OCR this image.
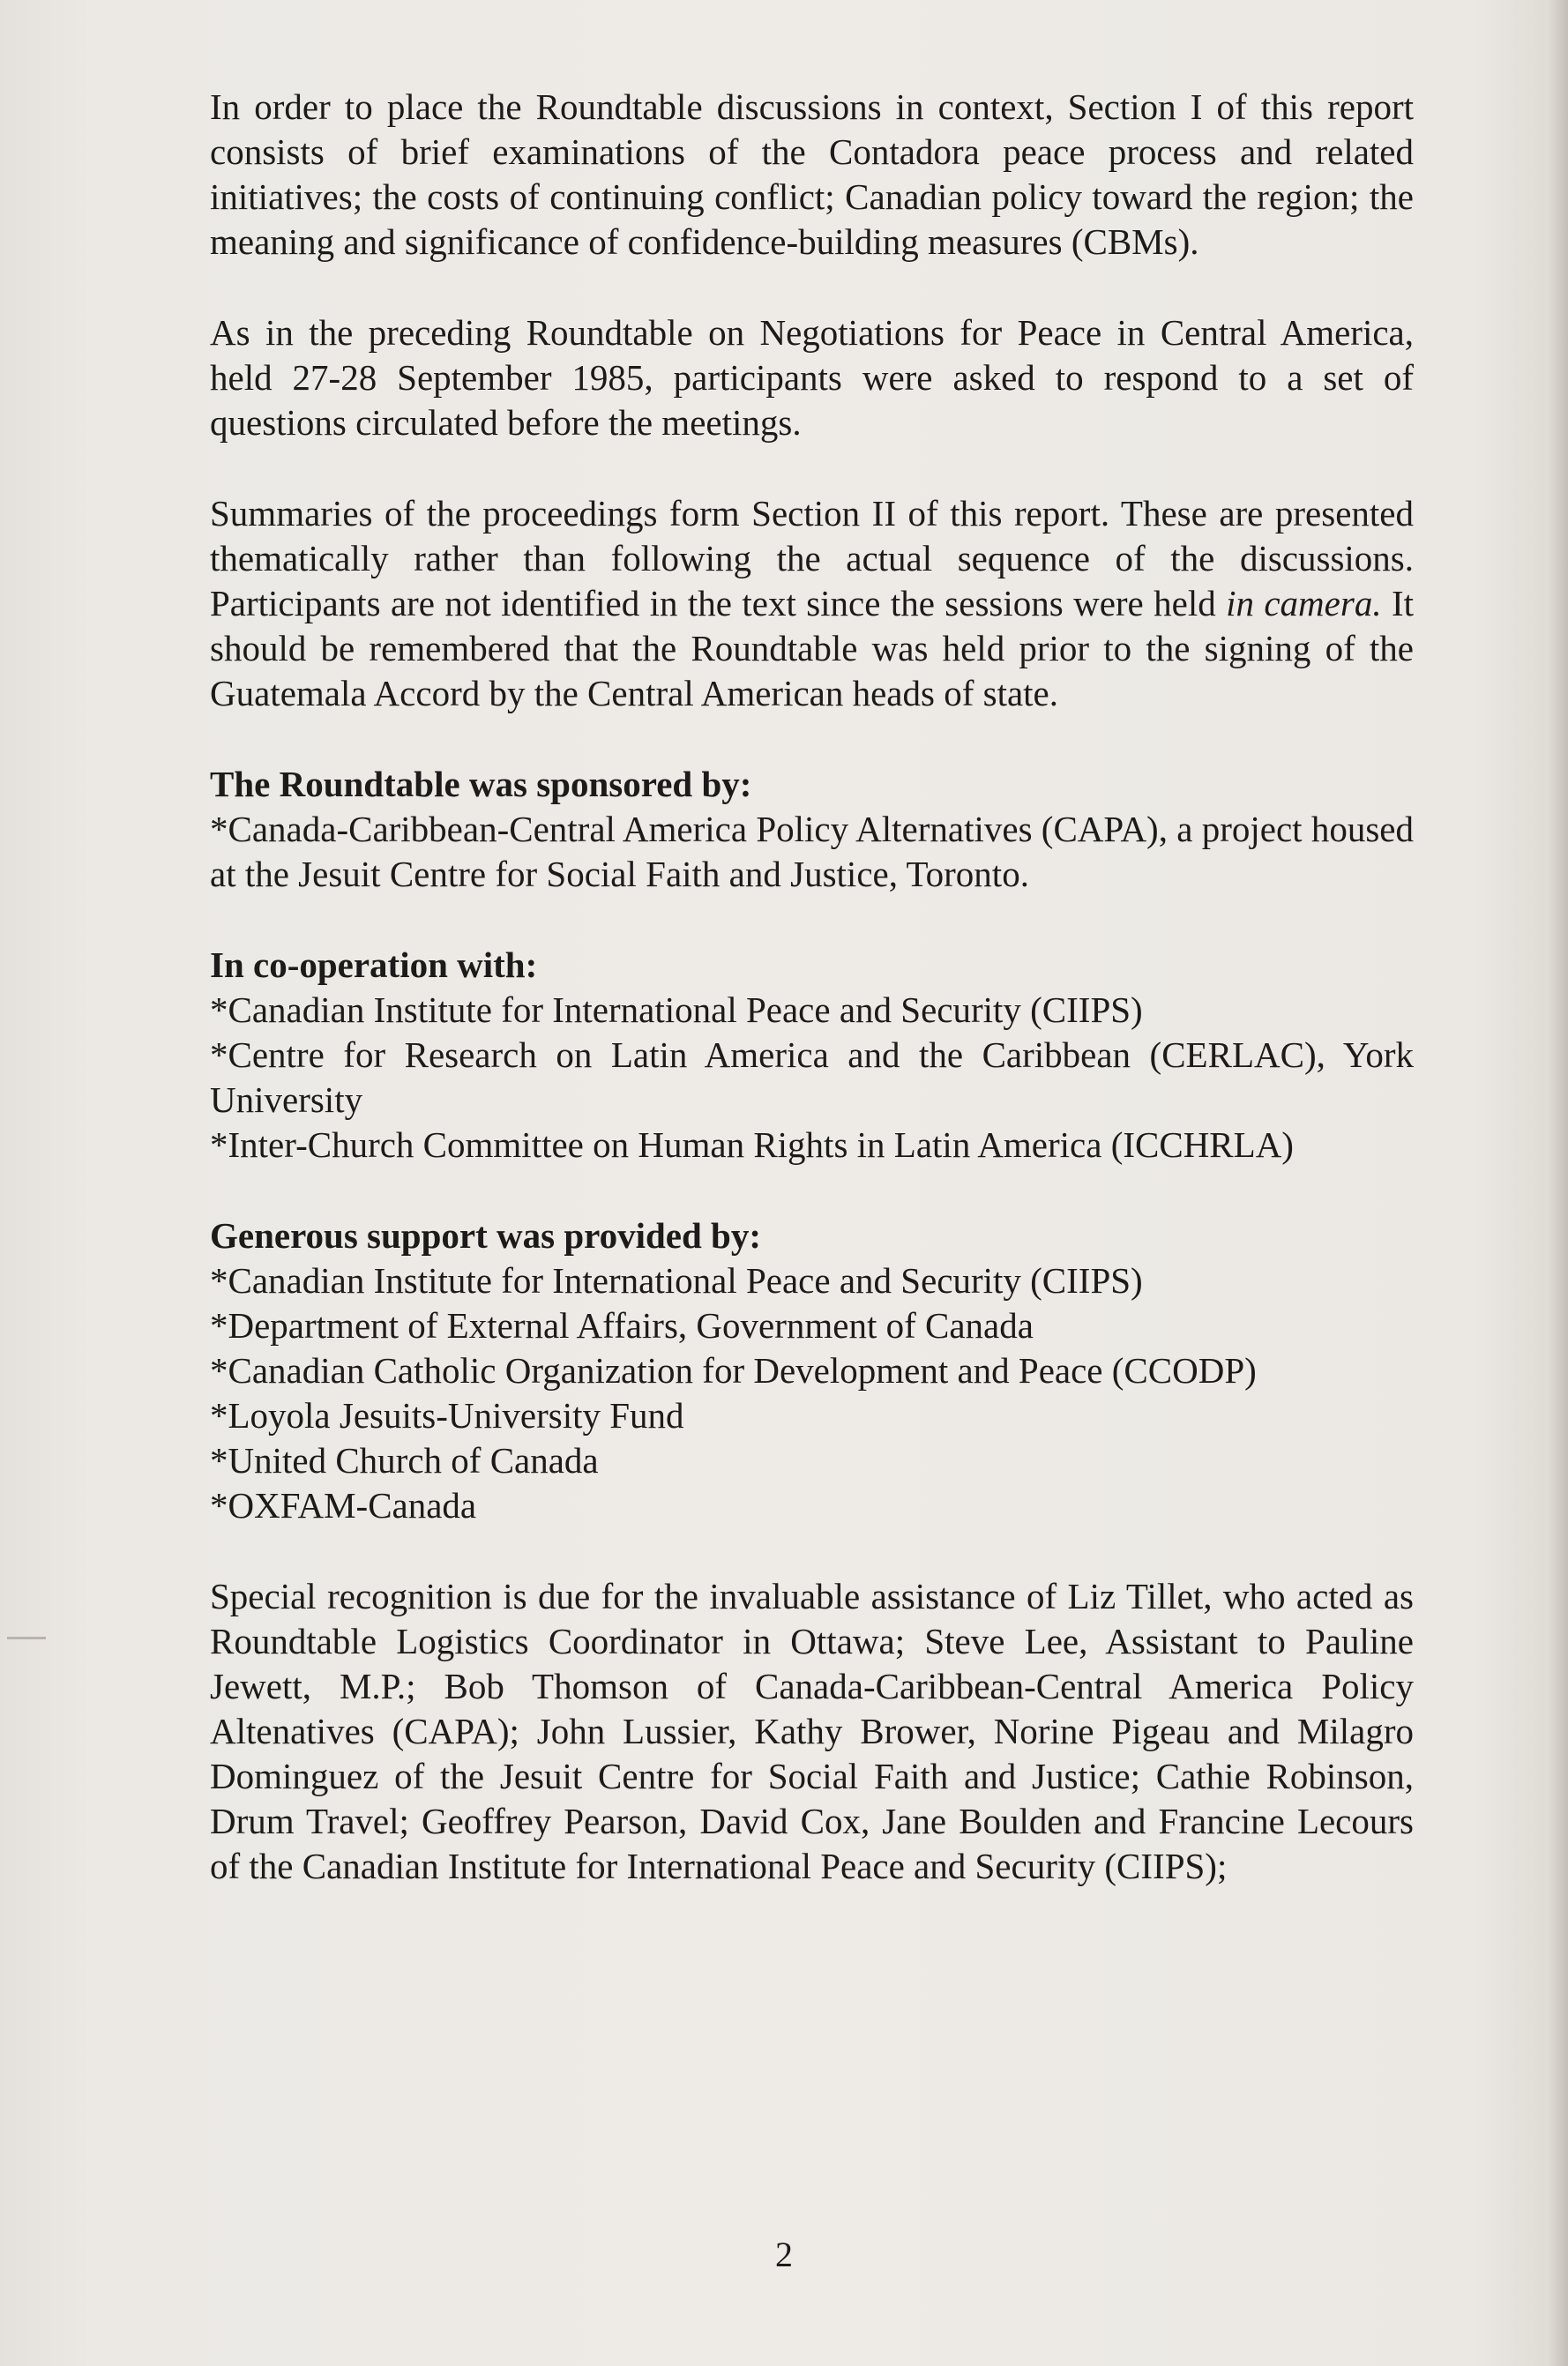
In order to place the Roundtable discussions in context, Section I of this report consists of brief examinations of the Contadora peace process and related initiatives; the costs of continuing conflict; Canadian policy toward the region; the meaning and significance of confidence-building measures (CBMs).

As in the preceding Roundtable on Negotiations for Peace in Central America, held 27-28 September 1985, participants were asked to respond to a set of questions circulated before the meetings.

Summaries of the proceedings form Section II of this report. These are presented thematically rather than following the actual sequence of the discussions. Participants are not identified in the text since the sessions were held in camera. It should be remembered that the Roundtable was held prior to the signing of the Guatemala Accord by the Central American heads of state.

The Roundtable was sponsored by:

*Canada-Caribbean-Central America Policy Alternatives (CAPA), a project housed at the Jesuit Centre for Social Faith and Justice, Toronto.

In co-operation with:

*Canadian Institute for International Peace and Security (CIIPS)
*Centre for Research on Latin America and the Caribbean (CERLAC), York University
*Inter-Church Committee on Human Rights in Latin America (ICCHRLA)

Generous support was provided by:

*Canadian Institute for International Peace and Security (CIIPS)
*Department of External Affairs, Government of Canada
*Canadian Catholic Organization for Development and Peace (CCODP)
*Loyola Jesuits-University Fund
*United Church of Canada
*OXFAM-Canada

Special recognition is due for the invaluable assistance of Liz Tillet, who acted as Roundtable Logistics Coordinator in Ottawa; Steve Lee, Assistant to Pauline Jewett, M.P.; Bob Thomson of Canada-Caribbean-Central America Policy Altenatives (CAPA); John Lussier, Kathy Brower, Norine Pigeau and Milagro Dominguez of the Jesuit Centre for Social Faith and Justice; Cathie Robinson, Drum Travel; Geoffrey Pearson, David Cox, Jane Boulden and Francine Lecours of the Canadian Institute for International Peace and Security (CIIPS);

2
